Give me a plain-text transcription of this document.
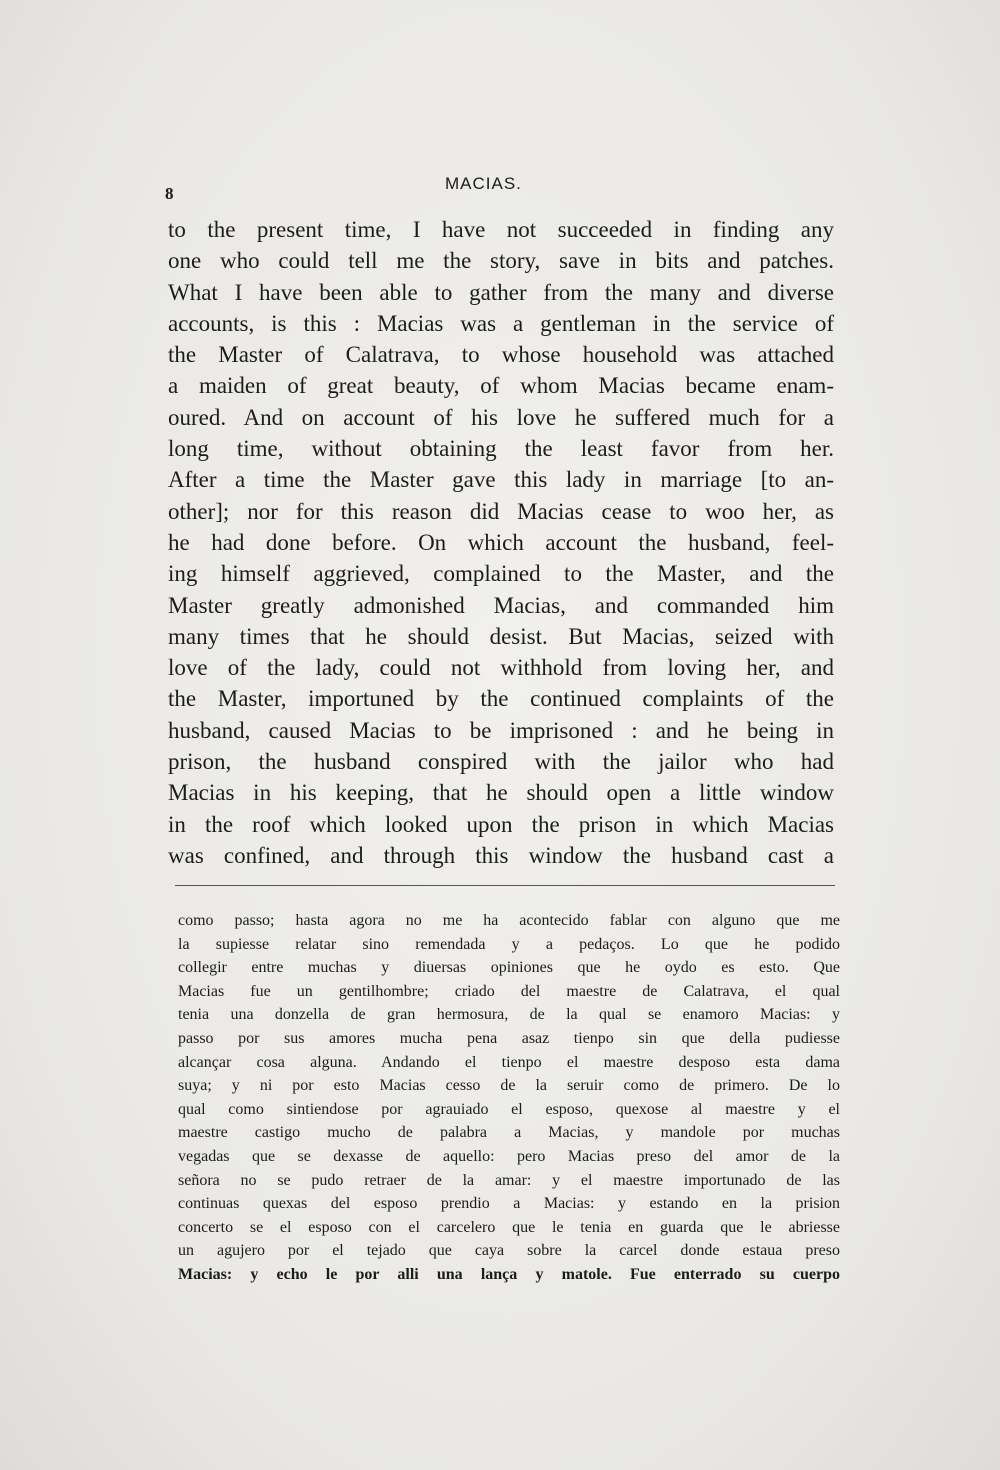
8
MACIAS.
to the present time, I have not succeeded in finding any
one who could tell me the story, save in bits and patches.
What I have been able to gather from the many and diverse
accounts, is this : Macias was a gentleman in the service of
the Master of Calatrava, to whose household was attached
a maiden of great beauty, of whom Macias became enam-
oured. And on account of his love he suffered much for a
long time, without obtaining the least favor from her.
After a time the Master gave this lady in marriage [to an-
other]; nor for this reason did Macias cease to woo her, as
he had done before. On which account the husband, feel-
ing himself aggrieved, complained to the Master, and the
Master greatly admonished Macias, and commanded him
many times that he should desist. But Macias, seized with
love of the lady, could not withhold from loving her, and
the Master, importuned by the continued complaints of the
husband, caused Macias to be imprisoned : and he being in
prison, the husband conspired with the jailor who had
Macias in his keeping, that he should open a little window
in the roof which looked upon the prison in which Macias
was confined, and through this window the husband cast a
como passo; hasta agora no me ha acontecido fablar con alguno que me
la supiesse relatar sino remendada y a pedaços. Lo que he podido
collegir entre muchas y diuersas opiniones que he oydo es esto. Que
Macias fue un gentilhombre; criado del maestre de Calatrava, el qual
tenia una donzella de gran hermosura, de la qual se enamoro Macias: y
passo por sus amores mucha pena asaz tienpo sin que della pudiesse
alcançar cosa alguna. Andando el tienpo el maestre desposo esta dama
suya; y ni por esto Macias cesso de la seruir como de primero. De lo
qual como sintiendose por agrauiado el esposo, quexose al maestre y el
maestre castigo mucho de palabra a Macias, y mandole por muchas
vegadas que se dexasse de aquello: pero Macias preso del amor de la
señora no se pudo retraer de la amar: y el maestre importunado de las
continuas quexas del esposo prendio a Macias: y estando en la prision
concerto se el esposo con el carcelero que le tenia en guarda que le abriesse
un agujero por el tejado que caya sobre la carcel donde estaua preso
Macias: y echo le por alli una lança y matole. Fue enterrado su cuerpo
